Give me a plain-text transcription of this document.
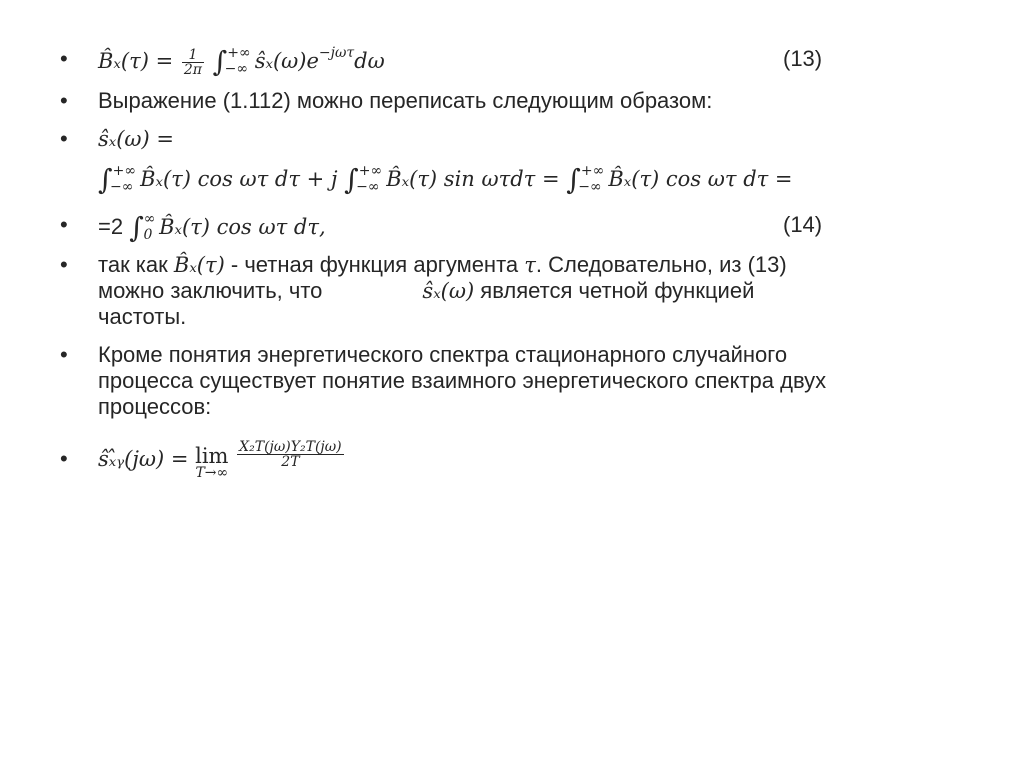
• B̂ₓ(τ) = $\frac{1}{2\pi} \int^{+\infty}_{-\infty}$ $ŝ_x(\omega)e^{-j\omega\tau}d\omega$	(13)
• Выражение (1.112) можно переписать следующим образом:
• ŝₓ(ω) =
$\int^{+\infty}_{-\infty}$ B̂ₓ(τ) cos ωτ dτ + j $\int^{+\infty}_{-\infty}$ B̂ₓ(τ) $\sin \omega\tau d\tau = \int^{+\infty}_{-\infty}$ B̂ₓ(τ) cos ωτ dτ =
• =2 $\int^\infty_0$ B̂ₓ(τ) cos ωτ dτ,	(14)
• так как B̂ₓ(τ) - четная функция аргумента τ. Следовательно, из (13)
можно заключить, что	ŝₓ(ω) является четной функцией
частоты.
• Кроме понятия энергетического спектра стационарного случайного
процесса существует понятие взаимного энергетического спектра двух
процессов:
• ŝₓ̂ᵧ(jω) = lim
T→∞

$\frac{\text{X₂T(jω)Y₂T(jω)}}{2T}$
